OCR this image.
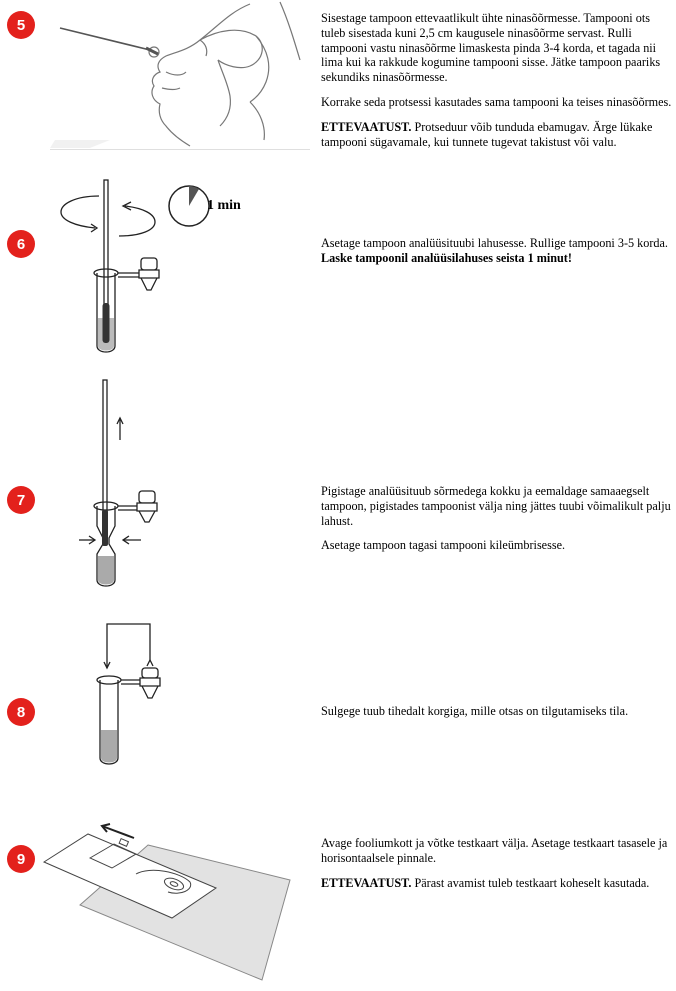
5	Sisestage tampoon ettevaatlikult ühte ninasõõrmesse. Tampooni ots tuleb sisestada kuni 2,5 cm kaugusele ninasõõrme servast. Rulli tampooni vastu ninasõõrme limaskesta pinda 3-4 korda, et tagada nii lima kui ka rakkude kogumine tampooni sisse. Jätke tampoon paariks sekundiks ninasõõrmesse.

Korrake seda protsessi kasutades sama tampooni ka teises ninasõõrmes.

ETTEVAATUST. Protseduur võib tunduda ebamugav. Ärge lükake tampooni sügavamale, kui tunnete tugevat takistust või valu.

6
1 min

Asetage tampoon analüüsituubi lahusesse. Rullige tampooni 3-5 korda.
Laske tampoonil analüüsilahuses seista 1 minut!

7

Pigistage analüüsituub sõrmedega kokku ja eemaldage samaaegselt tampoon, pigistades tampoonist välja ning jättes tuubi võimalikult palju lahust.

Asetage tampoon tagasi tampooni kileümbrisesse.

8	Sulgege tuub tihedalt korgiga, mille otsas on tilgutamiseks tila.

9

Avage fooliumkott ja võtke testkaart välja. Asetage testkaart tasasele ja horisontaalsele pinnale.

ETTEVAATUST. Pärast avamist tuleb testkaart koheselt kasutada.
